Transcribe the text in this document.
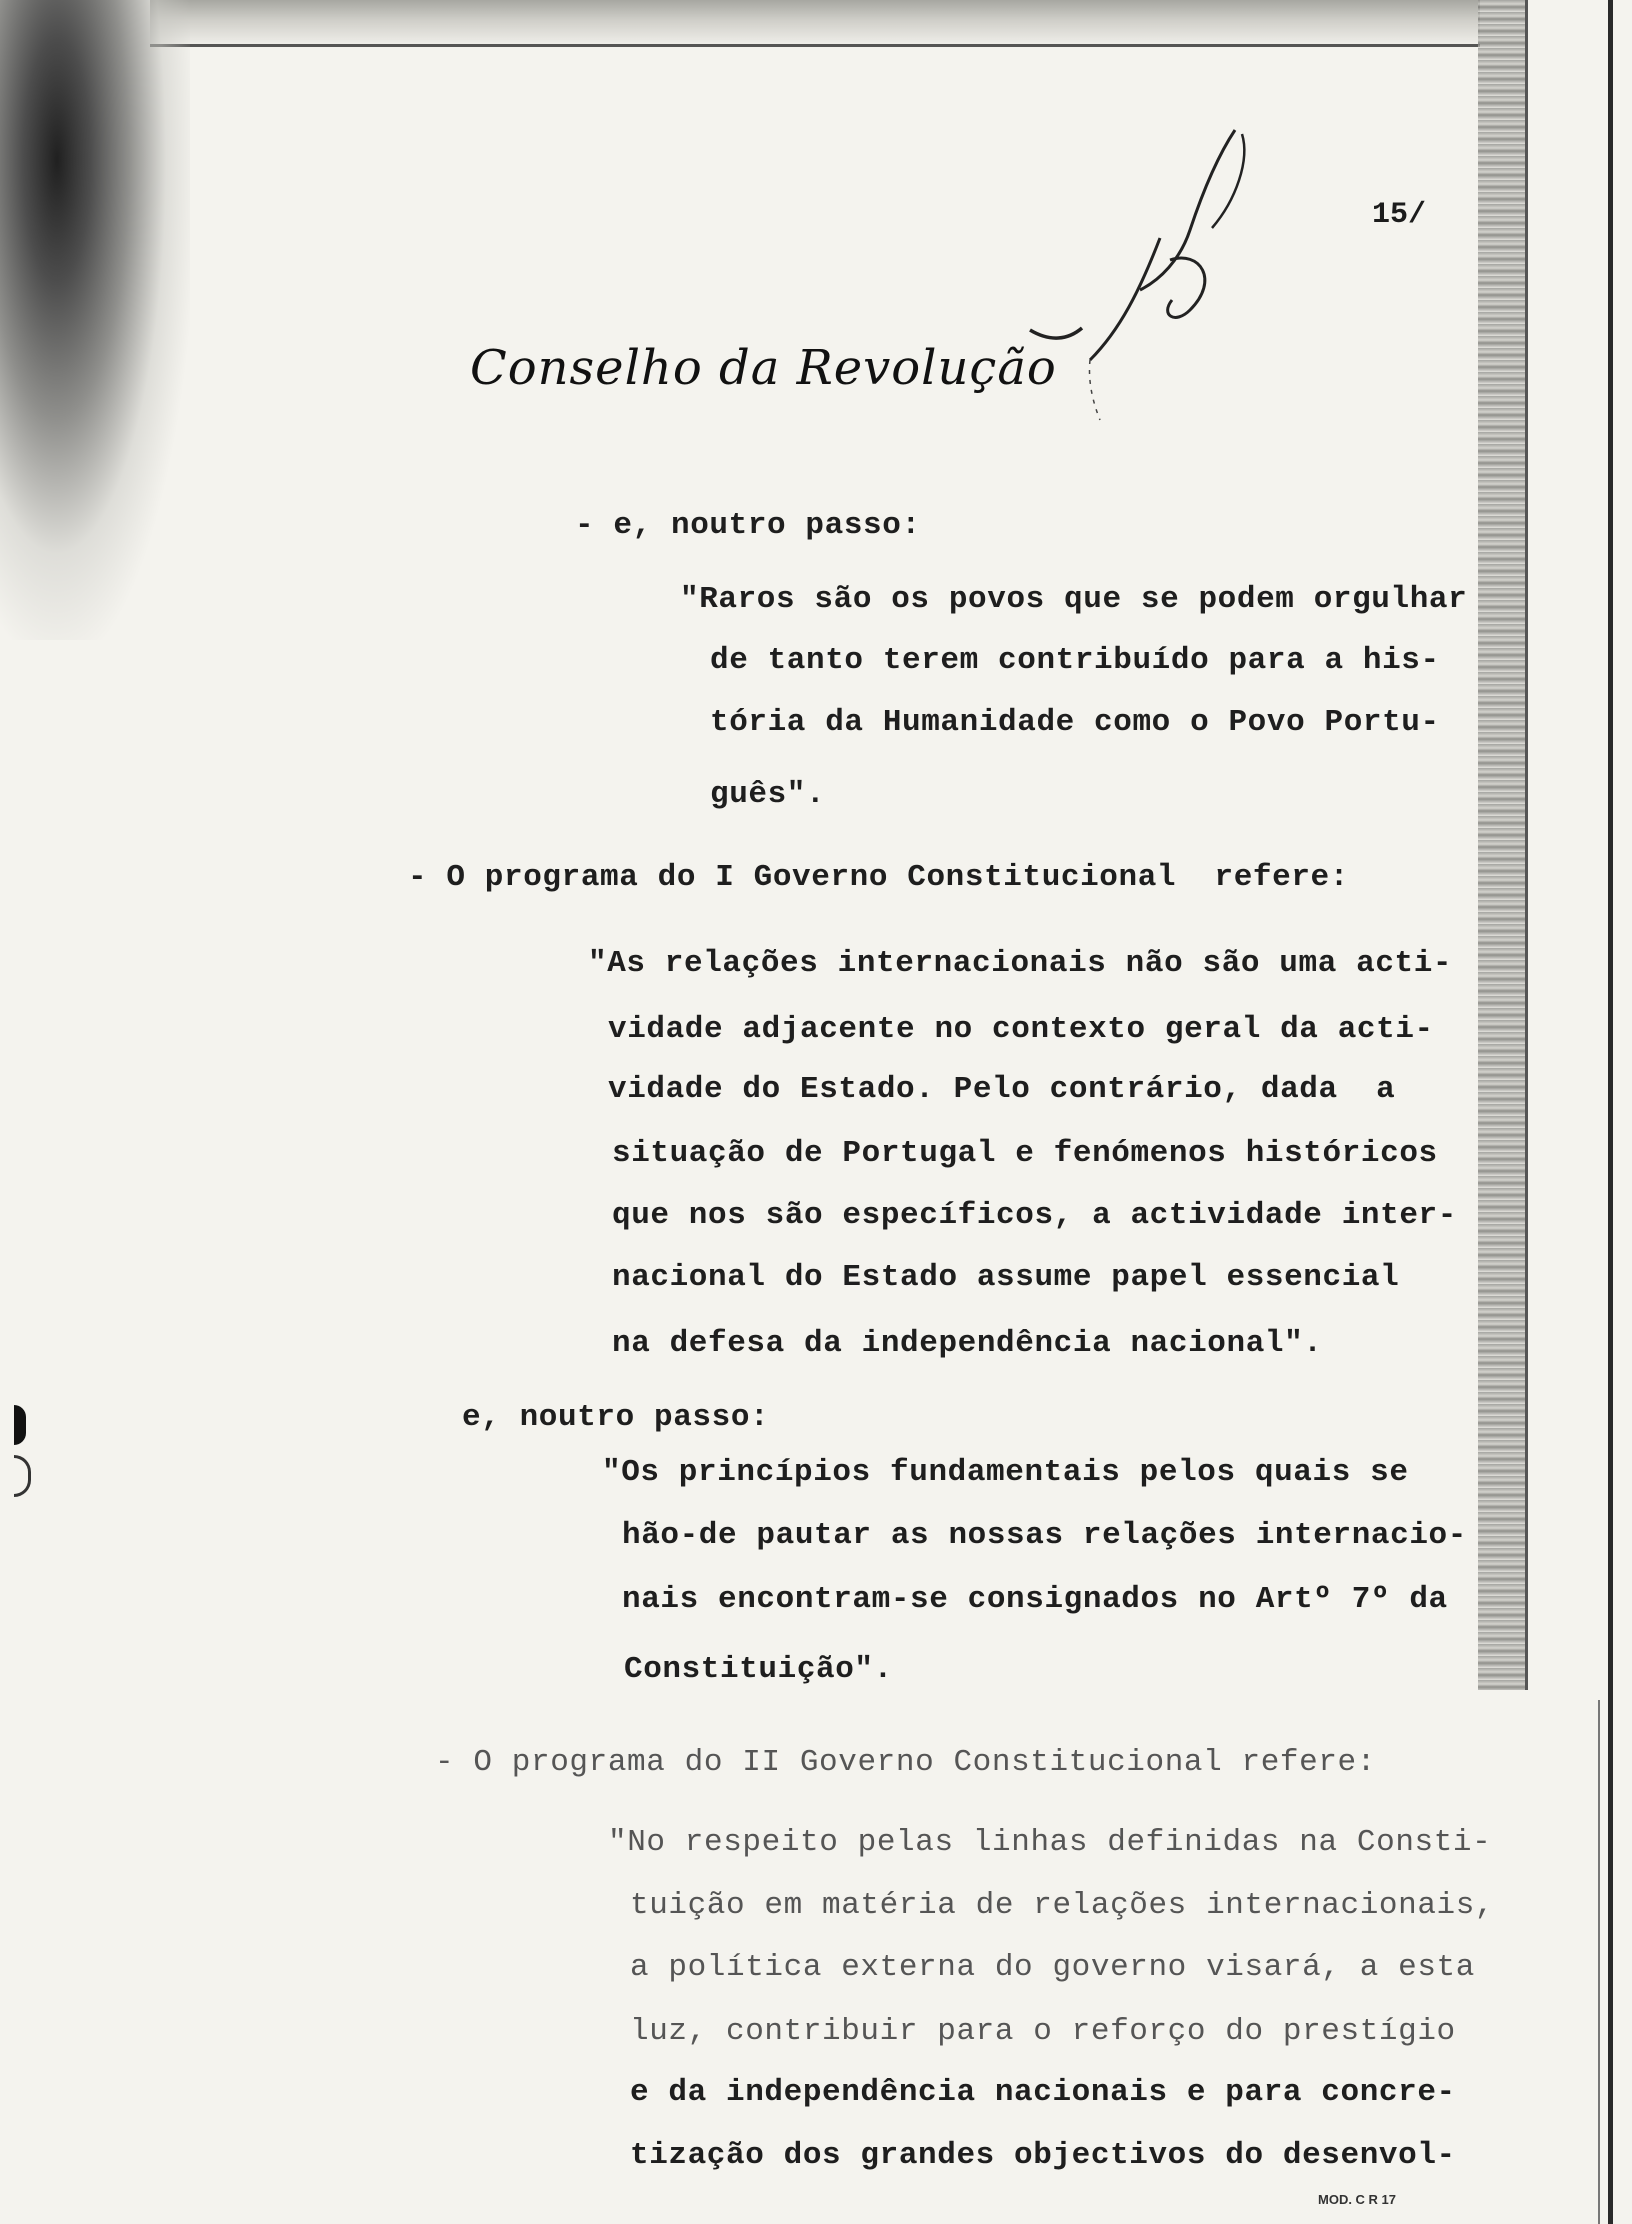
15/
Conselho da Revolução
- e, noutro passo:
"Raros são os povos que se podem orgulhar
de tanto terem contribuído para a his-
tória da Humanidade como o Povo Portu-
guês".
- O programa do I Governo Constitucional  refere:
"As relações internacionais não são uma acti-
vidade adjacente no contexto geral da acti-
vidade do Estado. Pelo contrário, dada  a
situação de Portugal e fenómenos históricos
que nos são específicos, a actividade inter-
nacional do Estado assume papel essencial
na defesa da independência nacional".
e, noutro passo:
"Os princípios fundamentais pelos quais se
hão-de pautar as nossas relações internacio-
nais encontram-se consignados no Artº 7º da
Constituição".
- O programa do II Governo Constitucional refere:
"No respeito pelas linhas definidas na Consti-
tuição em matéria de relações internacionais,
a política externa do governo visará, a esta
luz, contribuir para o reforço do prestígio
e da independência nacionais e para concre-
tização dos grandes objectivos do desenvol-
MOD. C R 17
